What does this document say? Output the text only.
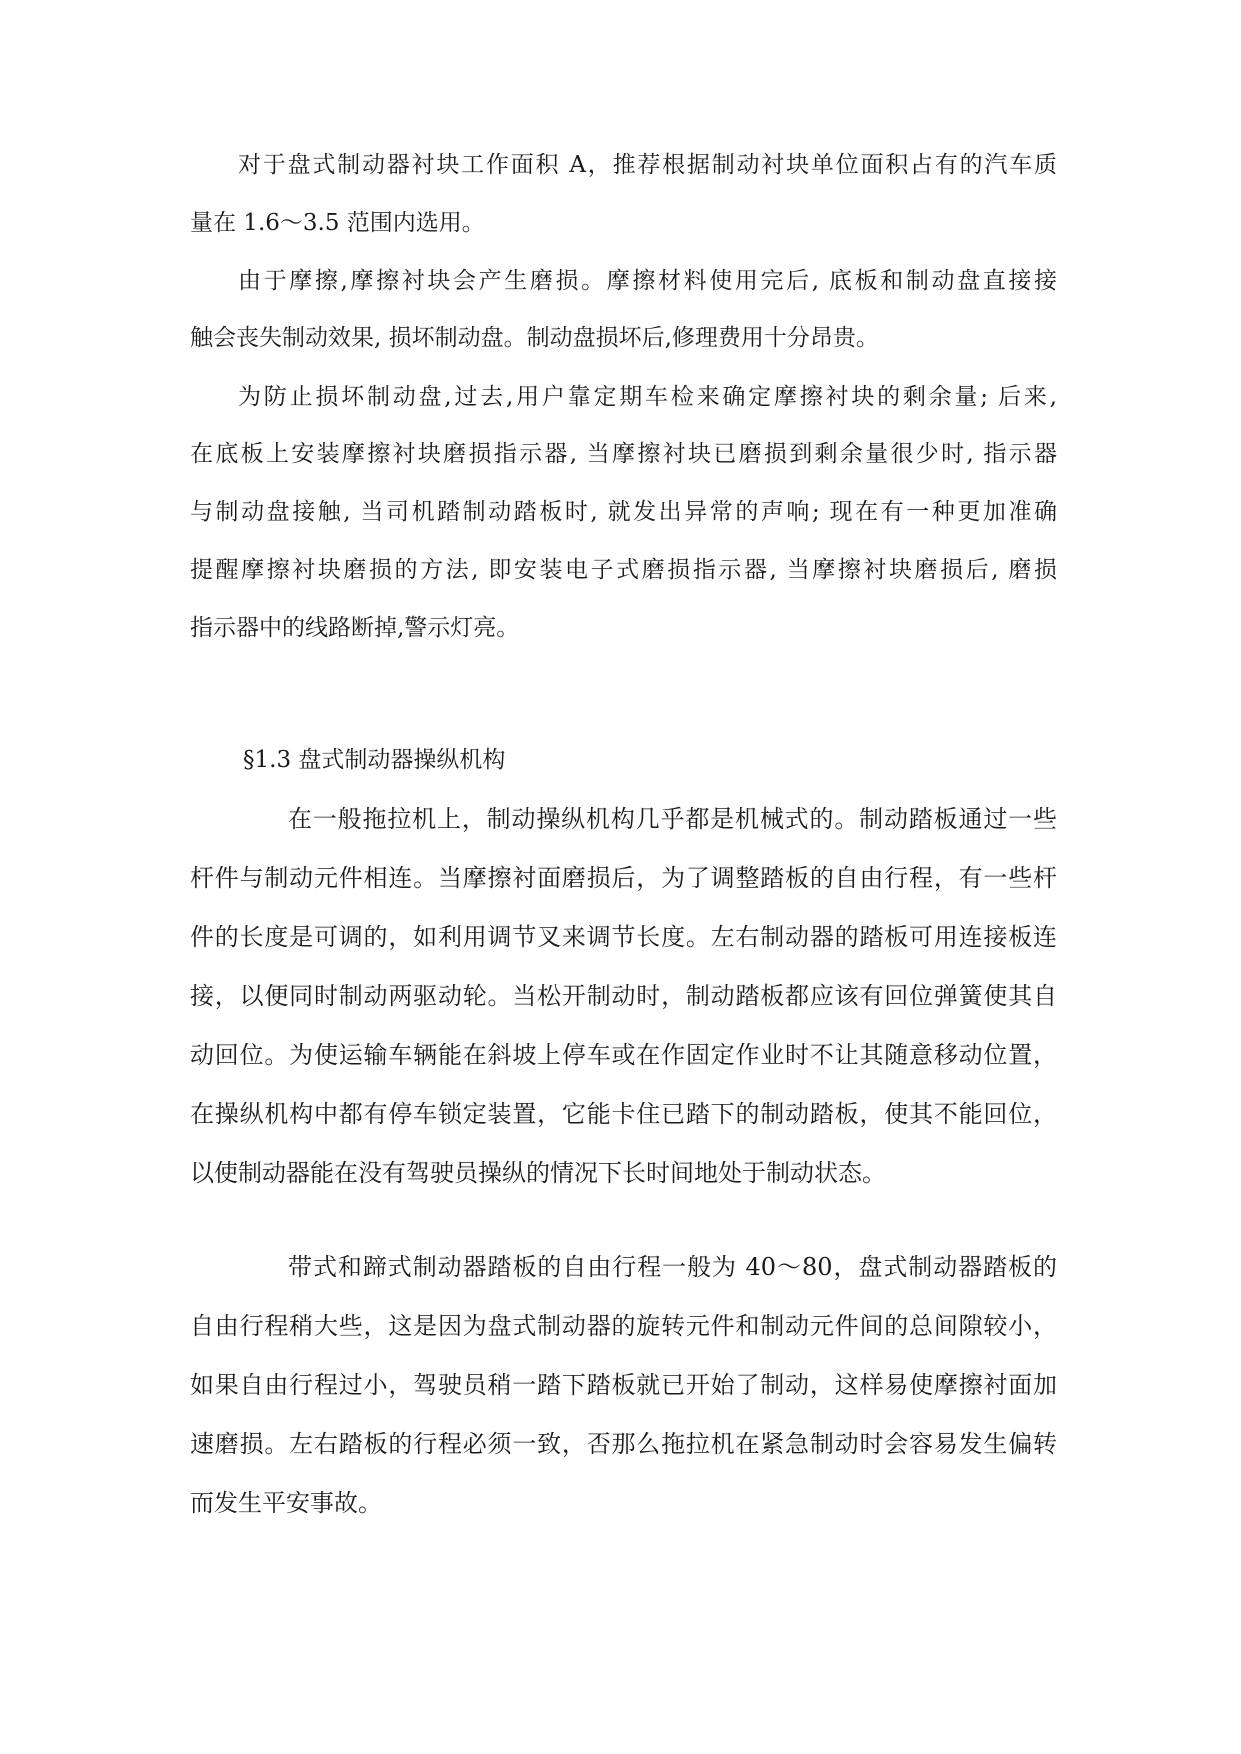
对于盘式制动器衬块工作面积 A，推荐根据制动衬块单位面积占有的汽车质
量在 1.6～3.5 范围内选用。
由于摩擦,摩擦衬块会产生磨损。摩擦材料使用完后, 底板和制动盘直接接
触会丧失制动效果, 损坏制动盘。制动盘损坏后,修理费用十分昂贵。
为防止损坏制动盘,过去,用户靠定期车检来确定摩擦衬块的剩余量; 后来,
在底板上安装摩擦衬块磨损指示器, 当摩擦衬块已磨损到剩余量很少时, 指示器
与制动盘接触, 当司机踏制动踏板时, 就发出异常的声响; 现在有一种更加准确
提醒摩擦衬块磨损的方法, 即安装电子式磨损指示器, 当摩擦衬块磨损后, 磨损
指示器中的线路断掉,警示灯亮。
§1.3 盘式制动器操纵机构
在一般拖拉机上，制动操纵机构几乎都是机械式的。制动踏板通过一些
杆件与制动元件相连。当摩擦衬面磨损后，为了调整踏板的自由行程，有一些杆
件的长度是可调的，如利用调节叉来调节长度。左右制动器的踏板可用连接板连
接，以便同时制动两驱动轮。当松开制动时，制动踏板都应该有回位弹簧使其自
动回位。为使运输车辆能在斜坡上停车或在作固定作业时不让其随意移动位置，
在操纵机构中都有停车锁定装置，它能卡住已踏下的制动踏板，使其不能回位，
以使制动器能在没有驾驶员操纵的情况下长时间地处于制动状态。
带式和蹄式制动器踏板的自由行程一般为 40～80，盘式制动器踏板的
自由行程稍大些，这是因为盘式制动器的旋转元件和制动元件间的总间隙较小，
如果自由行程过小，驾驶员稍一踏下踏板就已开始了制动，这样易使摩擦衬面加
速磨损。左右踏板的行程必须一致，否那么拖拉机在紧急制动时会容易发生偏转
而发生平安事故。
